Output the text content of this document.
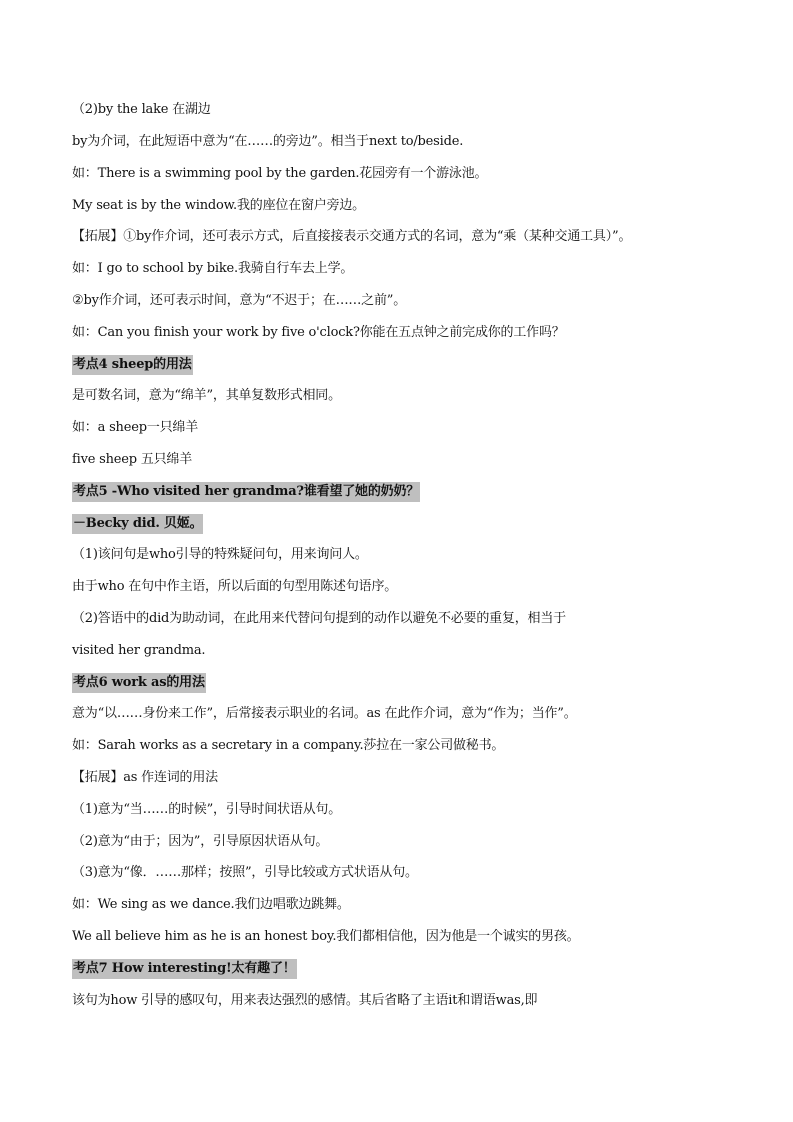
（2)by the lake 在湖边
by为介词，在此短语中意为“在……的旁边”。相当于next to/beside.
如：There is a swimming pool by the garden.花园旁有一个游泳池。
My seat is by the window.我的座位在窗户旁边。
【拓展】①by作介词，还可表示方式，后直接接表示交通方式的名词，意为“乘（某种交通工具）”。
如：I go to school by bike.我骑自行车去上学。
②by作介词，还可表示时间，意为“不迟于；在……之前”。
如：Can you finish your work by five o'clock?你能在五点钟之前完成你的工作吗？
考点4 sheep的用法
是可数名词，意为“绵羊”，其单复数形式相同。
如：a sheep一只绵羊
five sheep 五只绵羊
考点5 -Who visited her grandma?谁看望了她的奶奶？
－Becky did. 贝姬。
（1)该问句是who引导的特殊疑问句，用来询问人。
由于who 在句中作主语，所以后面的句型用陈述句语序。
（2)答语中的did为助动词，在此用来代替问句提到的动作以避免不必要的重复，相当于
visited her grandma.
考点6 work as的用法
意为“以……身份来工作”，后常接表示职业的名词。as 在此作介词，意为“作为；当作”。
如：Sarah works as a secretary in a company.莎拉在一家公司做秘书。
【拓展】as 作连词的用法
（1)意为“当……的时候”，引导时间状语从句。
（2)意为“由于；因为”，引导原因状语从句。
（3)意为“像．……那样；按照”，引导比较或方式状语从句。
如：We sing as we dance.我们边唱歌边跳舞。
We all believe him as he is an honest boy.我们都相信他，因为他是一个诚实的男孩。
考点7 How interesting!太有趣了！
该句为how 引导的感叹句，用来表达强烈的感情。其后省略了主语it和谓语was,即
